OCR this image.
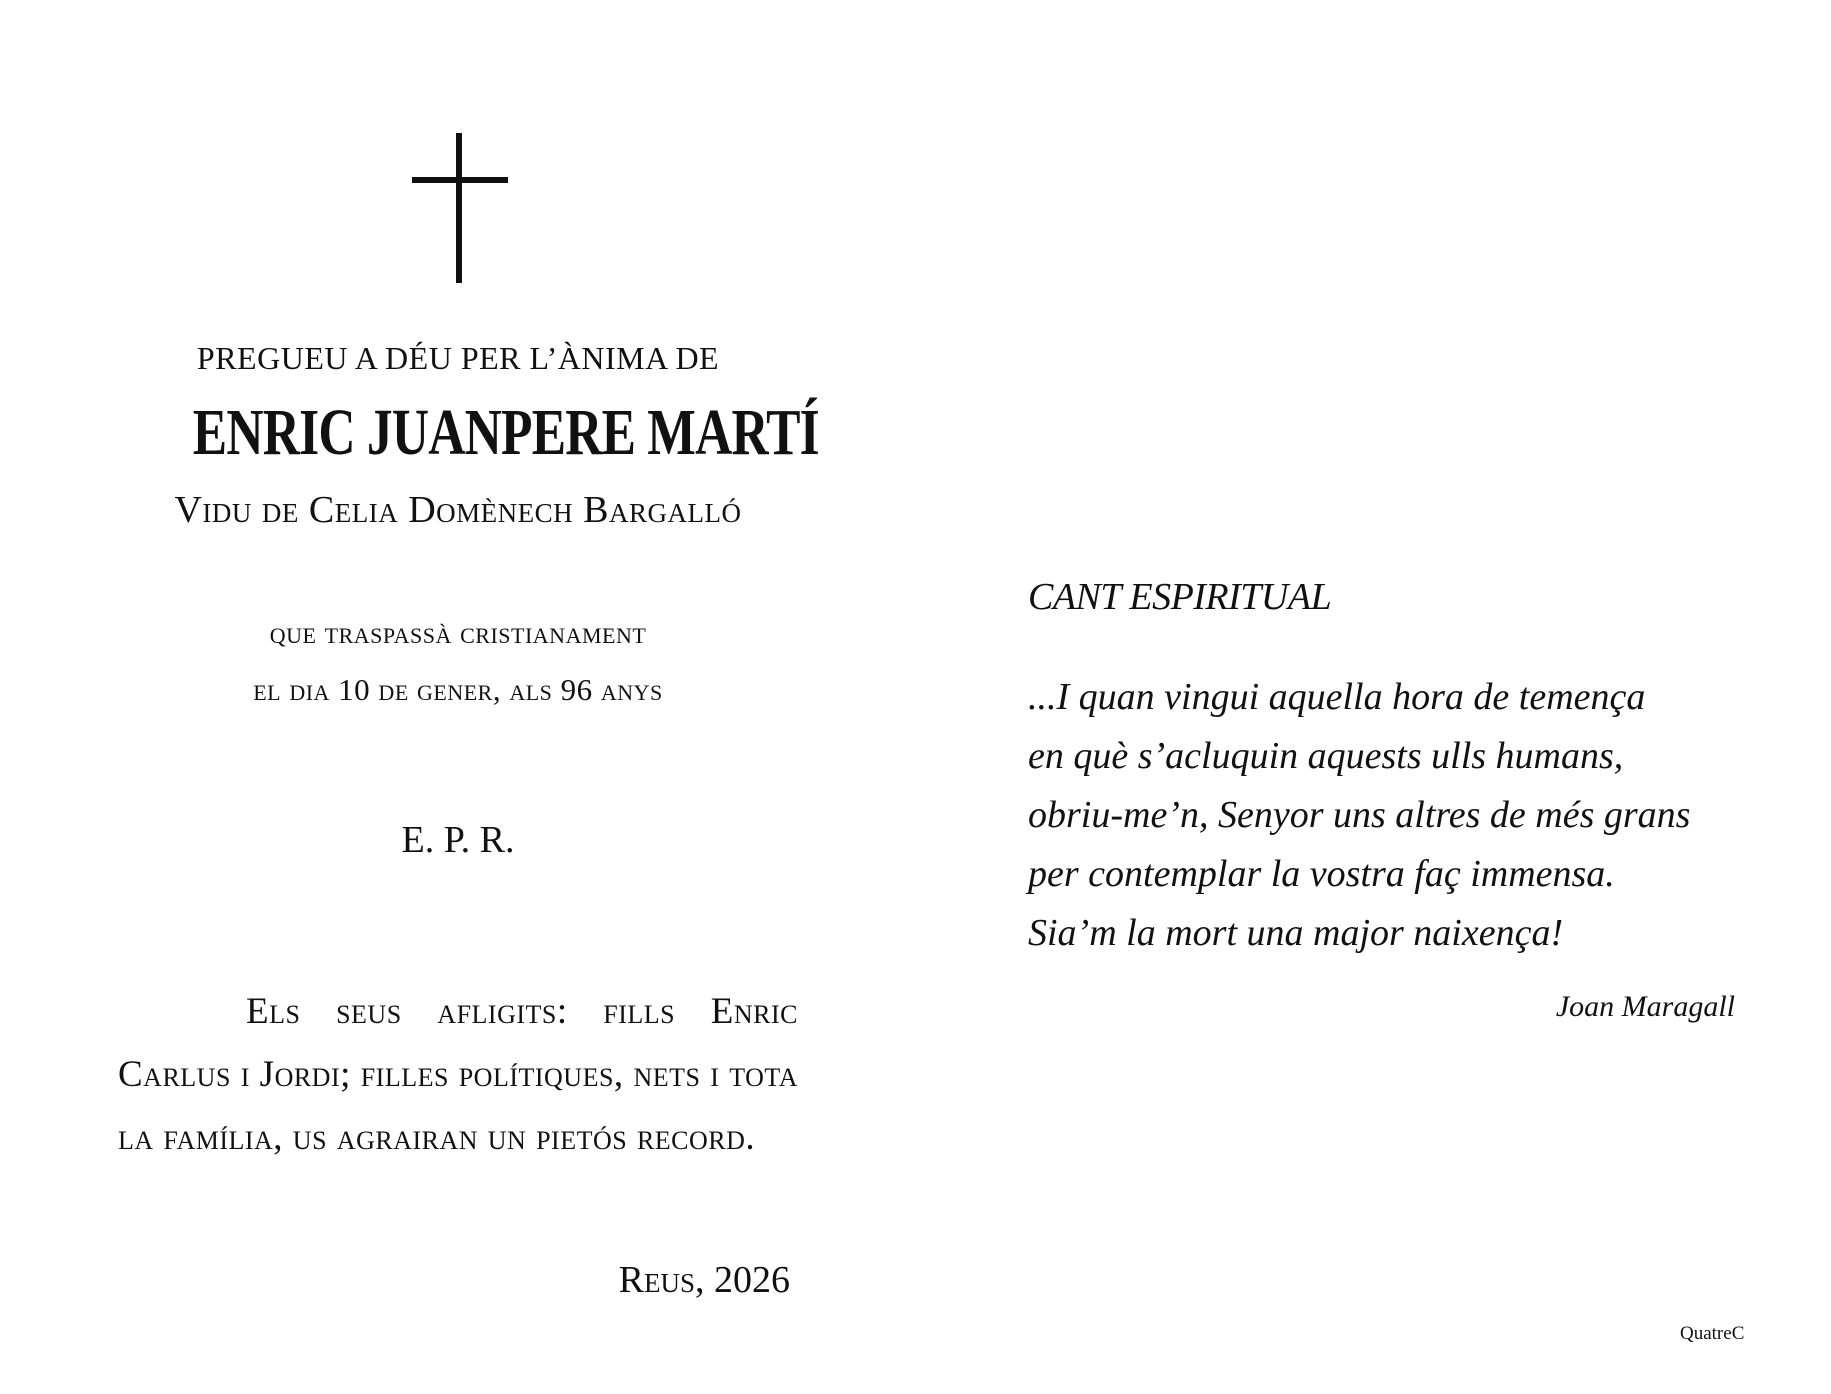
PREGUEU A DÉU PER L’ÀNIMA DE
ENRIC JUANPERE MARTÍ
Vidu de Celia Domènech Bargalló
que traspassà cristianament
el dia 10 de gener, als 96 anys
E. P. R.
Els seus afligits: fills Enric Carlus i Jordi; filles polítiques, nets i tota la família, us agrairan un pietós record.
Reus, 2026
CANT ESPIRITUAL
...I quan vingui aquella hora de temença
en què s’acluquin aquests ulls humans,
obriu-me’n, Senyor uns altres de més grans
per contemplar la vostra faç immensa.
Sia’m la mort una major naixença!
Joan Maragall
QuatreC
